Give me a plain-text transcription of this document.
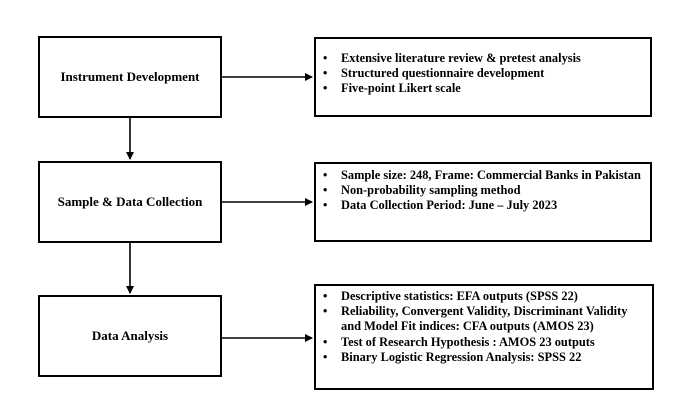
Instrument Development
• Extensive literature review & pretest analysis
• Structured questionnaire development
• Five-point Likert scale
Sample & Data Collection
• Sample size: 248, Frame: Commercial Banks in Pakistan
• Non-probability sampling method
• Data Collection Period: June – July 2023
Data Analysis
• Descriptive statistics: EFA outputs (SPSS 22)
• Reliability, Convergent Validity, Discriminant Validity and Model Fit indices: CFA outputs (AMOS 23)
• Test of Research Hypothesis : AMOS 23 outputs
• Binary Logistic Regression Analysis: SPSS 22
